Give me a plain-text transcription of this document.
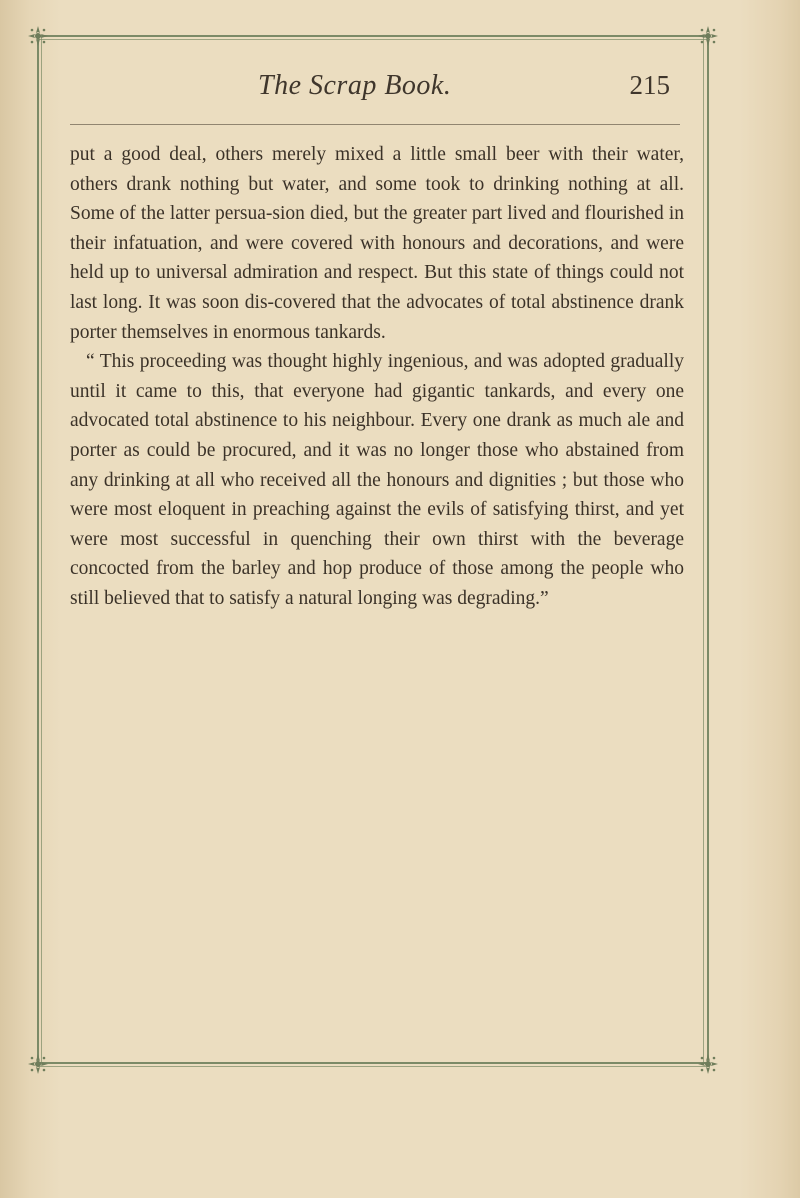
The Scrap Book.	215

put a good deal, others merely mixed a little small beer with their water, others drank nothing but water, and some took to drinking nothing at all. Some of the latter persua-sion died, but the greater part lived and flourished in their infatuation, and were covered with honours and decorations, and were held up to universal admiration and respect. But this state of things could not last long. It was soon dis-covered that the advocates of total abstinence drank porter themselves in enormous tankards.

“ This proceeding was thought highly ingenious, and was adopted gradually until it came to this, that everyone had gigantic tankards, and every one advocated total abstinence to his neighbour. Every one drank as much ale and porter as could be procured, and it was no longer those who abstained from any drinking at all who received all the honours and dignities ; but those who were most eloquent in preaching against the evils of satisfying thirst, and yet were most successful in quenching their own thirst with the beverage concocted from the barley and hop produce of those among the people who still believed that to satisfy a natural longing was degrading.”
